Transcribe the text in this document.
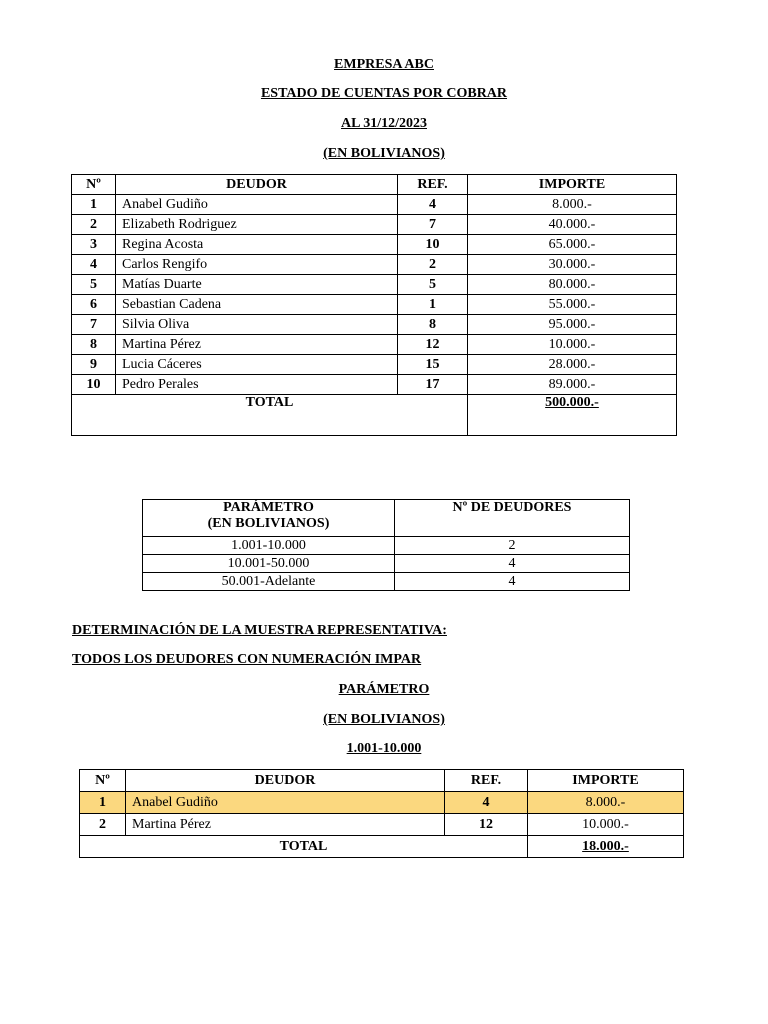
EMPRESA ABC
ESTADO DE CUENTAS POR COBRAR
AL 31/12/2023
(EN BOLIVIANOS)
Nº	DEUDOR	REF.	IMPORTE
1	Anabel Gudiño	4	8.000.-
2	Elizabeth Rodriguez	7	40.000.-
3	Regina Acosta	10	65.000.-
4	Carlos Rengifo	2	30.000.-
5	Matías Duarte	5	80.000.-
6	Sebastian Cadena	1	55.000.-
7	Silvia Oliva	8	95.000.-
8	Martina Pérez	12	10.000.-
9	Lucia Cáceres	15	28.000.-
10	Pedro Perales	17	89.000.-
TOTAL			500.000.-
PARÁMETRO
(EN BOLIVIANOS)	Nº DE DEUDORES
1.001-10.000	2
10.001-50.000	4
50.001-Adelante	4
DETERMINACIÓN DE LA MUESTRA REPRESENTATIVA:
TODOS LOS DEUDORES CON NUMERACIÓN IMPAR
PARÁMETRO
(EN BOLIVIANOS)
1.001-10.000
Nº	DEUDOR	REF.	IMPORTE
1	Anabel Gudiño	4	8.000.-
2	Martina Pérez	12	10.000.-
TOTAL			18.000.-
